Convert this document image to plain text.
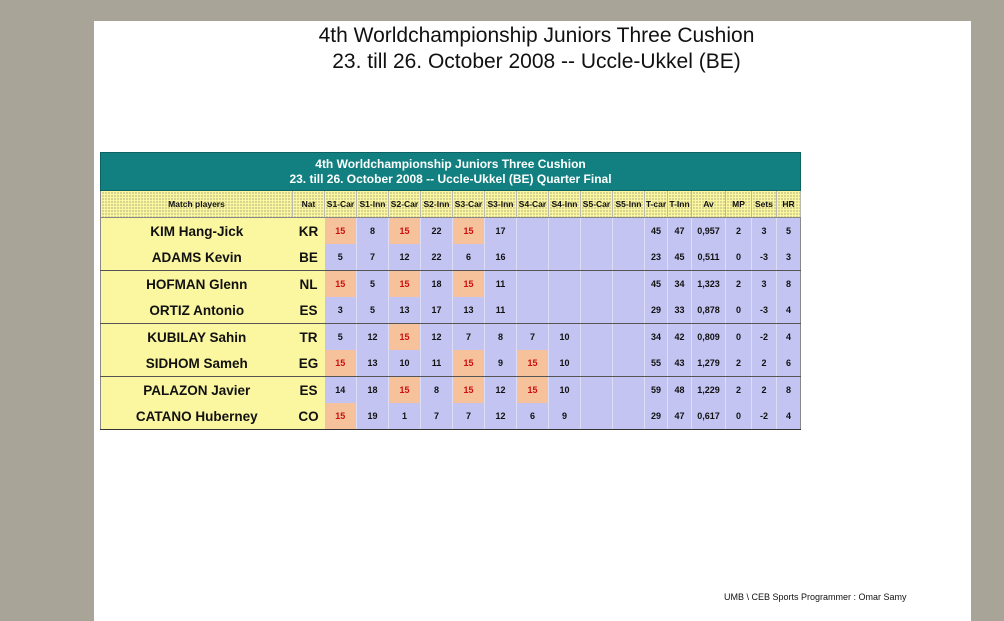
4th Worldchampionship Juniors Three Cushion
23. till 26. October 2008 -- Uccle-Ukkel (BE)
4th Worldchampionship Juniors Three Cushion
23. till 26. October 2008 -- Uccle-Ukkel (BE) Quarter Final																	

Match players	Nat	S1-Car	S1-Inn	S2-Car	S2-Inn	S3-Car	S3-Inn	S4-Car	S4-Inn	S5-Car	S5-Inn	T-car	T-Inn	Av	MP	Sets	HR
KIM Hang-Jick	KR	15	8	15	22	15	17					45	47	0,957	2	3	5
ADAMS Kevin	BE	5	7	12	22	6	16					23	45	0,511	0	-3	3
HOFMAN Glenn	NL	15	5	15	18	15	11					45	34	1,323	2	3	8
ORTIZ Antonio	ES	3	5	13	17	13	11					29	33	0,878	0	-3	4
KUBILAY Sahin	TR	5	12	15	12	7	8	7	10			34	42	0,809	0	-2	4
SIDHOM Sameh	EG	15	13	10	11	15	9	15	10			55	43	1,279	2	2	6
PALAZON Javier	ES	14	18	15	8	15	12	15	10			59	48	1,229	2	2	8
CATANO Huberney	CO	15	19	1	7	7	12	6	9			29	47	0,617	0	-2	4
UMB \ CEB Sports Programmer : Omar Samy
